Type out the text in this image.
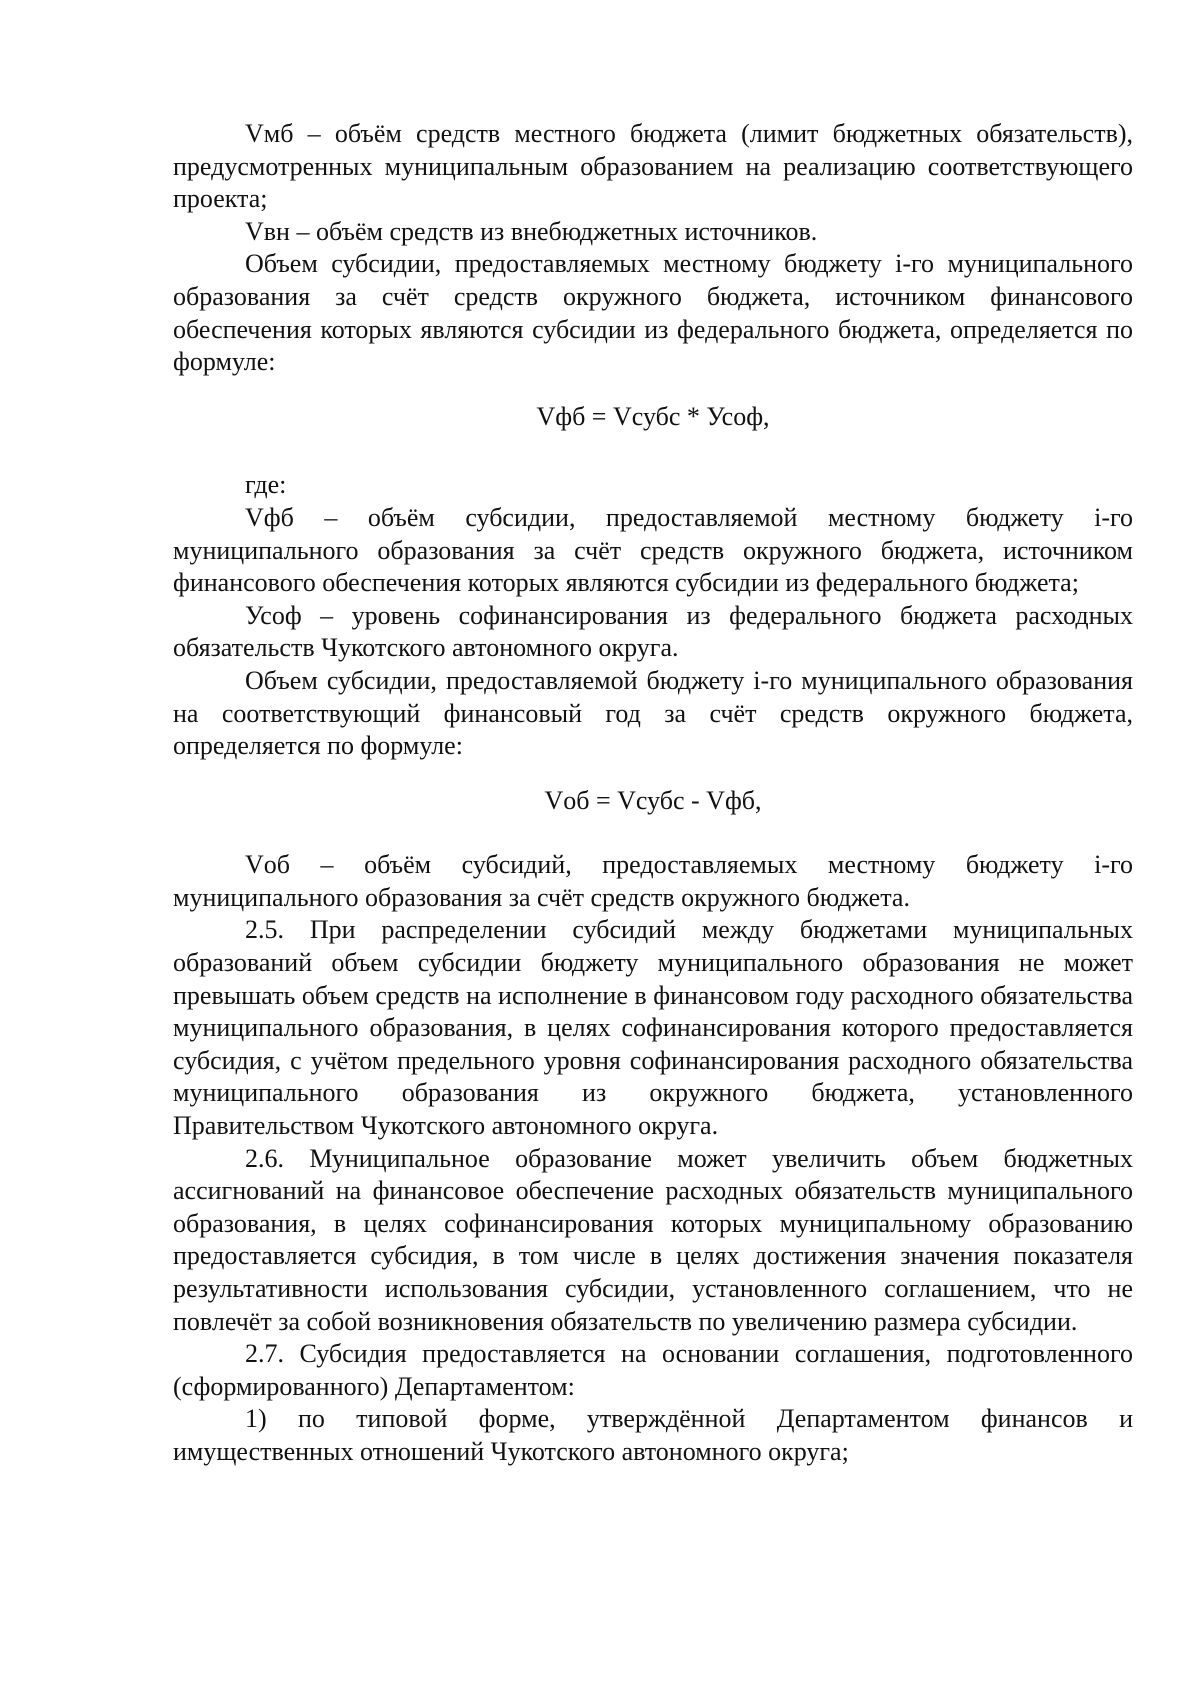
Vмб – объём средств местного бюджета (лимит бюджетных обязательств), предусмотренных муниципальным образованием на реализацию соответствующего проекта;

Vвн – объём средств из внебюджетных источников.

Объем субсидии, предоставляемых местному бюджету i-го муниципального образования за счёт средств окружного бюджета, источником финансового обеспечения которых являются субсидии из федерального бюджета, определяется по формуле:

Vфб = Vсубс * Усоф,

где:

Vфб – объём субсидии, предоставляемой местному бюджету i-го муниципального образования за счёт средств окружного бюджета, источником финансового обеспечения которых являются субсидии из федерального бюджета;

Усоф – уровень софинансирования из федерального бюджета расходных обязательств Чукотского автономного округа.

Объем субсидии, предоставляемой бюджету i-го муниципального образования на соответствующий финансовый год за счёт средств окружного бюджета, определяется по формуле:

Vоб = Vсубс - Vфб,

Vоб – объём субсидий, предоставляемых местному бюджету i-го муниципального образования за счёт средств окружного бюджета.

2.5. При распределении субсидий между бюджетами муниципальных образований объем субсидии бюджету муниципального образования не может превышать объем средств на исполнение в финансовом году расходного обязательства муниципального образования, в целях софинансирования которого предоставляется субсидия, с учётом предельного уровня софинансирования расходного обязательства муниципального образования из окружного бюджета, установленного Правительством Чукотского автономного округа.

2.6. Муниципальное образование может увеличить объем бюджетных ассигнований на финансовое обеспечение расходных обязательств муниципального образования, в целях софинансирования которых муниципальному образованию предоставляется субсидия, в том числе в целях достижения значения показателя результативности использования субсидии, установленного соглашением, что не повлечёт за собой возникновения обязательств по увеличению размера субсидии.

2.7. Субсидия предоставляется на основании соглашения, подготовленного (сформированного) Департаментом:

1) по типовой форме, утверждённой Департаментом финансов и имущественных отношений Чукотского автономного округа;
